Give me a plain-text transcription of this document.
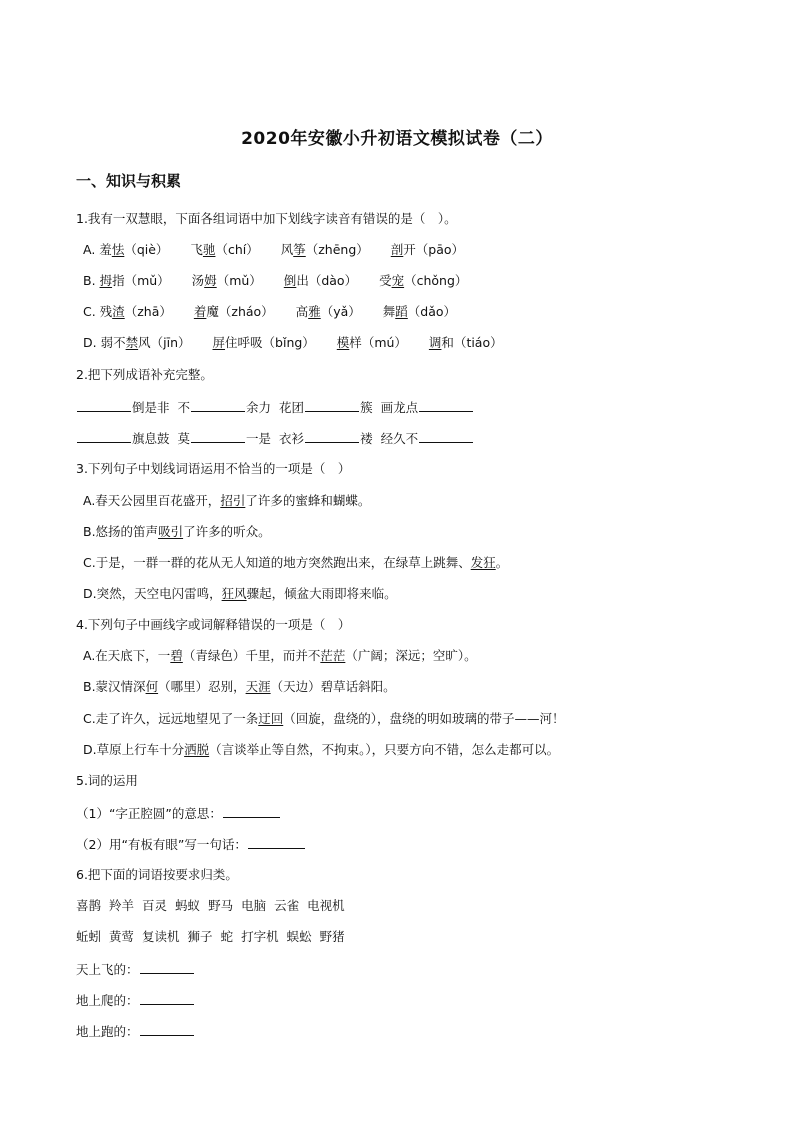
2020年安徽小升初语文模拟试卷（二）
一、知识与积累
1.我有一双慧眼，下面各组词语中加下划线字读音有错误的是（　）。
A. 羞怯（qiè） 飞驰（chí） 风筝（zhēng） 剖开（pāo）
B. 拇指（mǔ） 汤姆（mǔ） 倒出（dào） 受宠（chǒng）
C. 残渣（zhā） 着魔（zháo） 高雅（yǎ） 舞蹈（dǎo）
D. 弱不禁风（jīn） 屏住呼吸（bǐng） 模样（mú） 调和（tiáo）
2.把下列成语补充完整。
倒是非 不	余力 花团	簇 画龙点
旗息鼓 莫	一是 衣衫	褛 经久不
3.下列句子中划线词语运用不恰当的一项是（　）
A.春天公园里百花盛开，招引了许多的蜜蜂和蝴蝶。
B.悠扬的笛声吸引了许多的听众。
C.于是，一群一群的花从无人知道的地方突然跑出来，在绿草上跳舞、发狂。
D.突然，天空电闪雷鸣，狂风骤起，倾盆大雨即将来临。
4.下列句子中画线字或词解释错误的一项是（　）
A.在天底下，一碧（青绿色）千里，而并不茫茫（广阔；深远；空旷）。
B.蒙汉情深何（哪里）忍别，天涯（天边）碧草话斜阳。
C.走了许久，远远地望见了一条迂回（回旋，盘绕的），盘绕的明如玻璃的带子——河！
D.草原上行车十分洒脱（言谈举止等自然，不拘束。），只要方向不错，怎么走都可以。
5.词的运用
（1）“字正腔圆”的意思：
（2）用“有板有眼”写一句话：
6.把下面的词语按要求归类。
喜鹊 羚羊 百灵 蚂蚁 野马 电脑 云雀 电视机
蚯蚓 黄莺 复读机 狮子 蛇 打字机 蜈蚣 野猪
天上飞的：
地上爬的：
地上跑的：
